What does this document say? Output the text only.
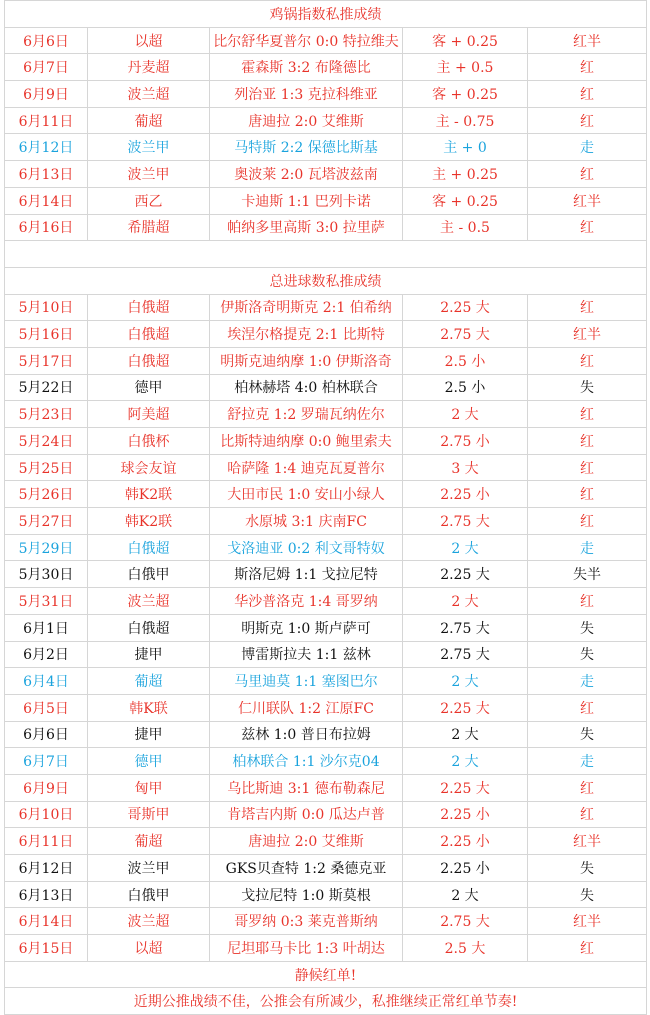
鸡锅指数私推成绩				
6月6日	以超	比尔舒华夏普尔 0:0 特拉维夫	客 + 0.25	红半
6月7日	丹麦超	霍森斯 3:2 布隆德比	主 + 0.5	红
6月9日	波兰超	列治亚 1:3 克拉科维亚	客 + 0.25	红
6月11日	葡超	唐迪拉 2:0 艾维斯	主 - 0.75	红
6月12日	波兰甲	马特斯 2:2 保德比斯基	主 + 0	走
6月13日	波兰甲	奥波莱 2:0 瓦塔波兹南	主 + 0.25	红
6月14日	西乙	卡迪斯 1:1 巴列卡诺	客 + 0.25	红半
6月16日	希腊超	帕纳多里高斯 3:0 拉里萨	主 - 0.5	红

总进球数私推成绩				
5月10日	白俄超	伊斯洛奇明斯克 2:1 伯希纳	2.25 大	红
5月16日	白俄超	埃涅尔格提克 2:1 比斯特	2.75 大	红半
5月17日	白俄超	明斯克迪纳摩 1:0 伊斯洛奇	2.5 小	红
5月22日	德甲	柏林赫塔 4:0 柏林联合	2.5 小	失
5月23日	阿美超	舒拉克 1:2 罗瑞瓦纳佐尔	2 大	红
5月24日	白俄杯	比斯特迪纳摩 0:0 鲍里索夫	2.75 小	红
5月25日	球会友谊	哈萨隆 1:4 迪克瓦夏普尔	3 大	红
5月26日	韩K2联	大田市民 1:0 安山小绿人	2.25 小	红
5月27日	韩K2联	水原城 3:1 庆南FC	2.75 大	红
5月29日	白俄超	戈洛迪亚 0:2 利文哥特奴	2 大	走
5月30日	白俄甲	斯洛尼姆 1:1 戈拉尼特	2.25 大	失半
5月31日	波兰超	华沙普洛克 1:4 哥罗纳	2 大	红
6月1日	白俄超	明斯克 1:0 斯卢萨可	2.75 大	失
6月2日	捷甲	博雷斯拉夫 1:1 兹林	2.75 大	失
6月4日	葡超	马里迪莫 1:1 塞图巴尔	2 大	走
6月5日	韩K联	仁川联队 1:2 江原FC	2.25 大	红
6月6日	捷甲	兹林 1:0 普日布拉姆	2 大	失
6月7日	德甲	柏林联合 1:1 沙尔克04	2 大	走
6月9日	匈甲	乌比斯迪 3:1 德布勒森尼	2.25 大	红
6月10日	哥斯甲	肯塔吉内斯 0:0 瓜达卢普	2.25 小	红
6月11日	葡超	唐迪拉 2:0 艾维斯	2.25 小	红半
6月12日	波兰甲	GKS贝查特 1:2 桑德克亚	2.25 小	失
6月13日	白俄甲	戈拉尼特 1:0 斯莫根	2 大	失
6月14日	波兰超	哥罗纳 0:3 莱克普斯纳	2.75 大	红半
6月15日	以超	尼坦耶马卡比 1:3 叶胡达	2.5 大	红
静候红单!				
近期公推战绩不佳，公推会有所减少，私推继续正常红单节奏!				
